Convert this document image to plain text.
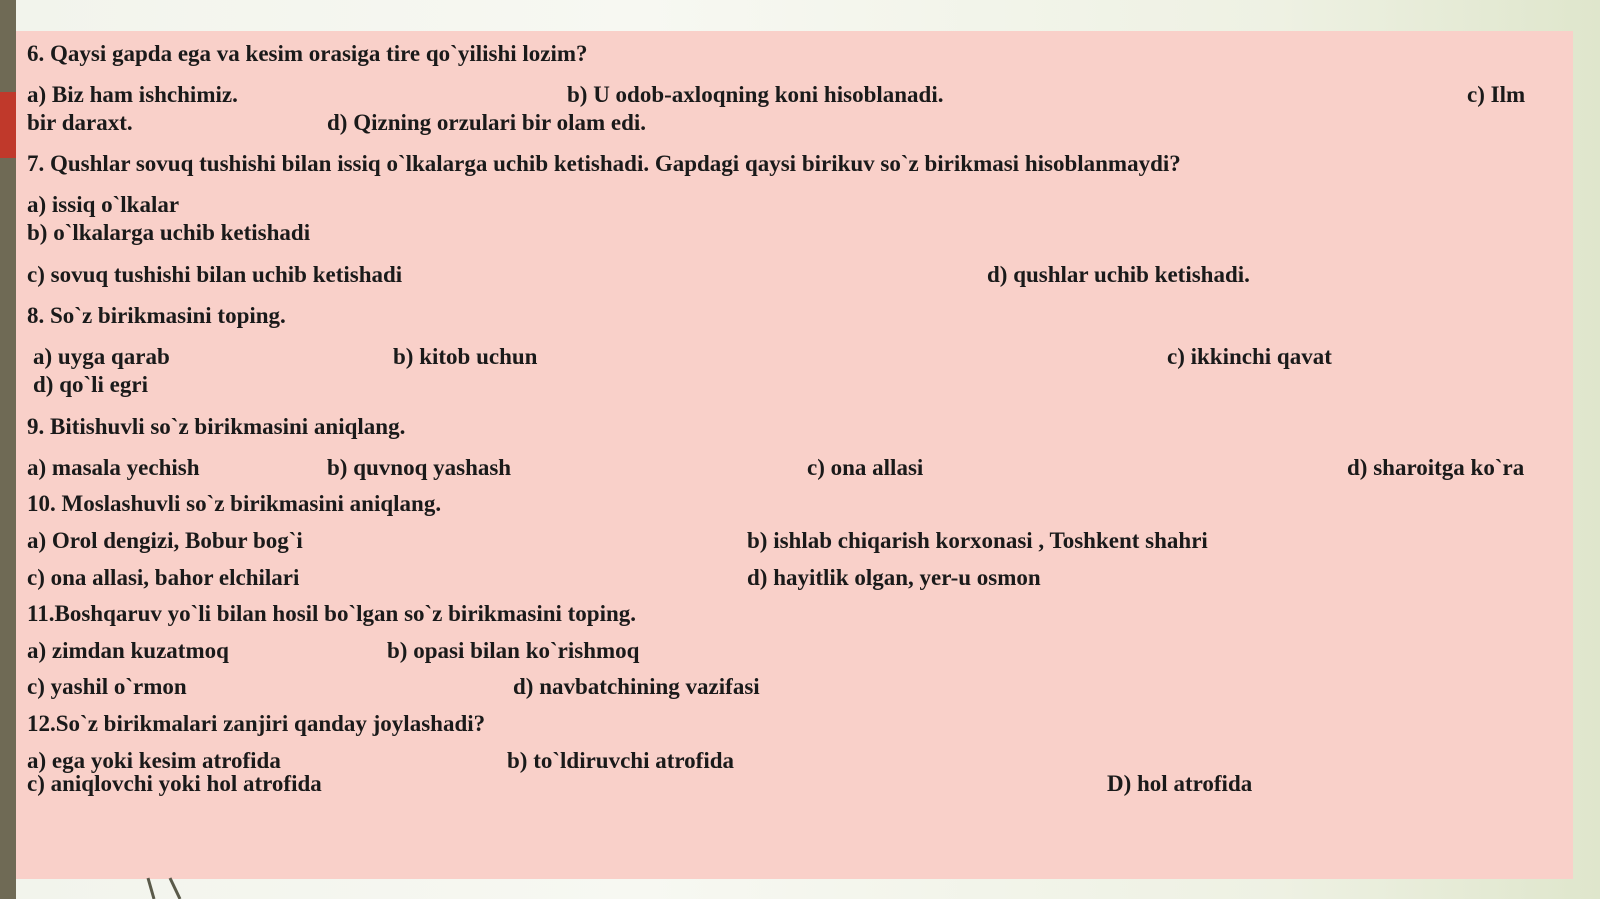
6. Qaysi gapda ega va kesim orasiga tire qo`yilishi lozim?

a) Biz ham ishchimiz.	b) U odob-axloqning koni hisoblanadi.	c) Ilm

bir daraxt.	d) Qizning orzulari bir olam edi.

7. Qushlar sovuq tushishi bilan issiq o`lkalarga uchib ketishadi. Gapdagi qaysi birikuv so`z birikmasi hisoblanmaydi?

a) issiq o`lkalar

b) o`lkalarga uchib ketishadi

c) sovuq tushishi bilan uchib ketishadi	d) qushlar uchib ketishadi.

8. So`z birikmasini toping.

a) uyga qarab	b) kitob uchun	c) ikkinchi qavat

d) qo`li egri

9. Bitishuvli so`z birikmasini aniqlang.

a) masala yechish	b) quvnoq yashash	c) ona allasi	d) sharoitga ko`ra

10. Moslashuvli so`z birikmasini aniqlang.

a) Orol dengizi, Bobur bog`i	b) ishlab chiqarish korxonasi , Toshkent shahri

c) ona allasi, bahor elchilari	d) hayitlik olgan, yer-u osmon

11.Boshqaruv yo`li bilan hosil bo`lgan so`z birikmasini toping.

a) zimdan kuzatmoq	b) opasi bilan ko`rishmoq

c) yashil o`rmon	d) navbatchining vazifasi

12.So`z birikmalari zanjiri qanday joylashadi?

a) ega yoki kesim atrofida	b) to`ldiruvchi atrofida

c) aniqlovchi yoki hol atrofida	D) hol atrofida
